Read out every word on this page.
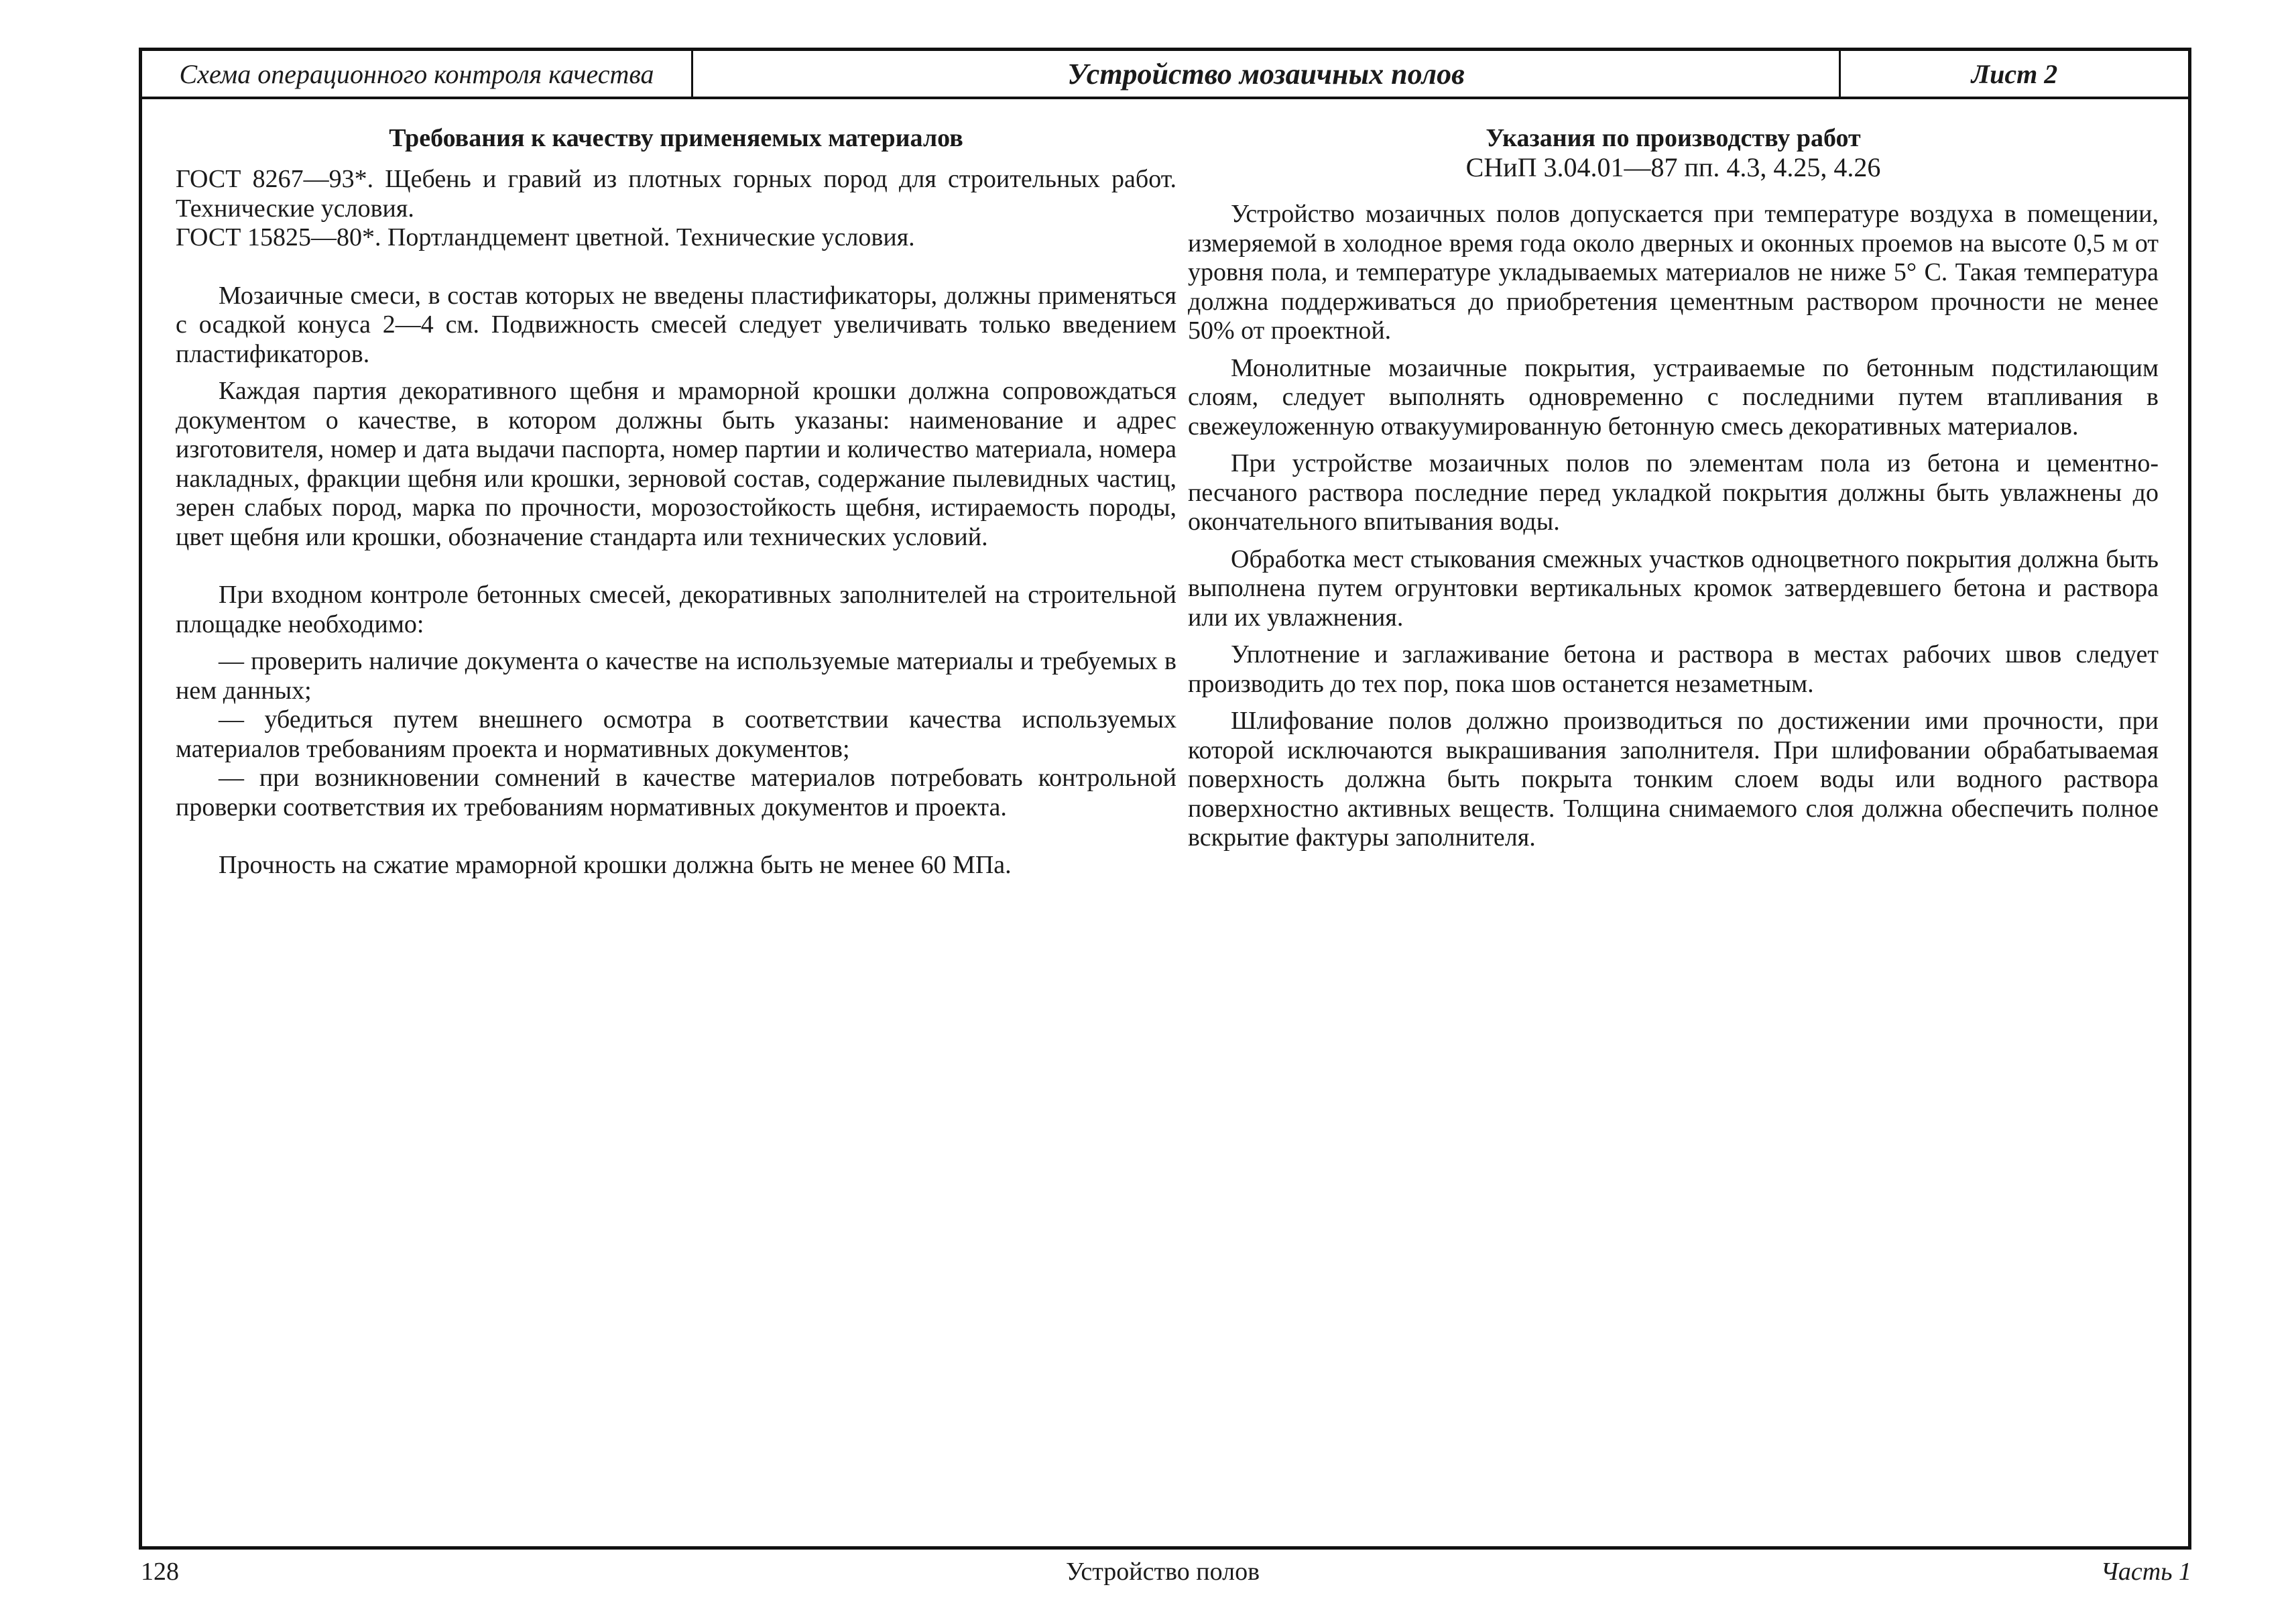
Схема операционного контроля качества	Устройство мозаичных полов	Лист 2
Требования к качеству применяемых материалов

ГОСТ 8267—93*. Щебень и гравий из плотных горных пород для строительных работ. Технические условия.

ГОСТ 15825—80*. Портландцемент цветной. Технические условия.

Мозаичные смеси, в состав которых не введены пластификаторы, должны применяться с осадкой конуса 2—4 см. Подвижность смесей следует увеличивать только введением пластификаторов.

Каждая партия декоративного щебня и мраморной крошки должна сопровождаться документом о качестве, в котором должны быть указаны: наименование и адрес изготовителя, номер и дата выдачи паспорта, номер партии и количество материала, номера накладных, фракции щебня или крошки, зерновой состав, содержание пылевидных частиц, зерен слабых пород, марка по прочности, морозостойкость щебня, истираемость породы, цвет щебня или крошки, обозначение стандарта или технических условий.

При входном контроле бетонных смесей, декоративных заполнителей на строительной площадке необходимо:

— проверить наличие документа о качестве на используемые материалы и требуемых в нем данных;

— убедиться путем внешнего осмотра в соответствии качества используемых материалов требованиям проекта и нормативных документов;

— при возникновении сомнений в качестве материалов потребовать контрольной проверки соответствия их требованиям нормативных документов и проекта.

Прочность на сжатие мраморной крошки должна быть не менее 60 МПа.

Указания по производству работ
СНиП 3.04.01—87 пп. 4.3, 4.25, 4.26

Устройство мозаичных полов допускается при температуре воздуха в помещении, измеряемой в холодное время года около дверных и оконных проемов на высоте 0,5 м от уровня пола, и температуре укладываемых материалов не ниже 5° С. Такая температура должна поддерживаться до приобретения цементным раствором прочности не менее 50% от проектной.

Монолитные мозаичные покрытия, устраиваемые по бетонным подстилающим слоям, следует выполнять одновременно с последними путем втапливания в свежеуложенную отвакуумированную бетонную смесь декоративных материалов.

При устройстве мозаичных полов по элементам пола из бетона и цементно-песчаного раствора последние перед укладкой покрытия должны быть увлажнены до окончательного впитывания воды.

Обработка мест стыкования смежных участков одноцветного покрытия должна быть выполнена путем огрунтовки вертикальных кромок затвердевшего бетона и раствора или их увлажнения.

Уплотнение и заглаживание бетона и раствора в местах рабочих швов следует производить до тех пор, пока шов останется незаметным.

Шлифование полов должно производиться по достижении ими прочности, при которой исключаются выкрашивания заполнителя. При шлифовании обрабатываемая поверхность должна быть покрыта тонким слоем воды или водного раствора поверхностно активных веществ. Толщина снимаемого слоя должна обеспечить полное вскрытие фактуры заполнителя.

128	Устройство полов	Часть 1
